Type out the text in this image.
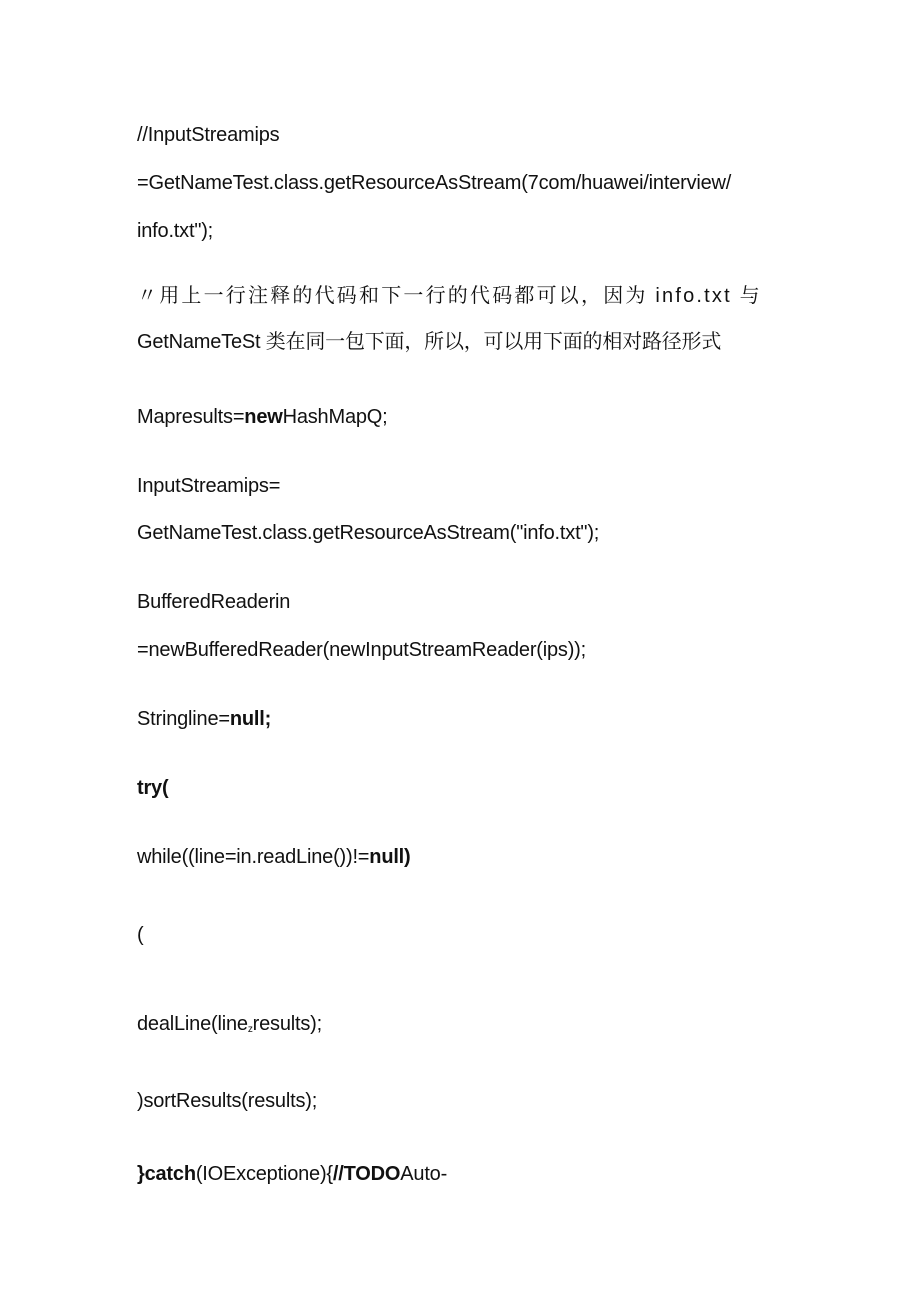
//InputStreamips
=GetNameTest.class.getResourceAsStream(7com/huawei/interview/
info.txt");
〃用上一行注释的代码和下一行的代码都可以，因为 info.txt 与
GetNameTeSt 类在同一包下面，所以，可以用下面的相对路径形式
Mapresults=newHashMapQ;
InputStreamips=
GetNameTest.class.getResourceAsStream("info.txt");
BufferedReaderin
=newBufferedReader(newInputStreamReader(ips));
Stringline=null;
try(
while((line=in.readLine())!=null)
(
dealLine(line$_z$results);
)sortResults(results);
}catch(IOExceptione){//TODOAuto-
